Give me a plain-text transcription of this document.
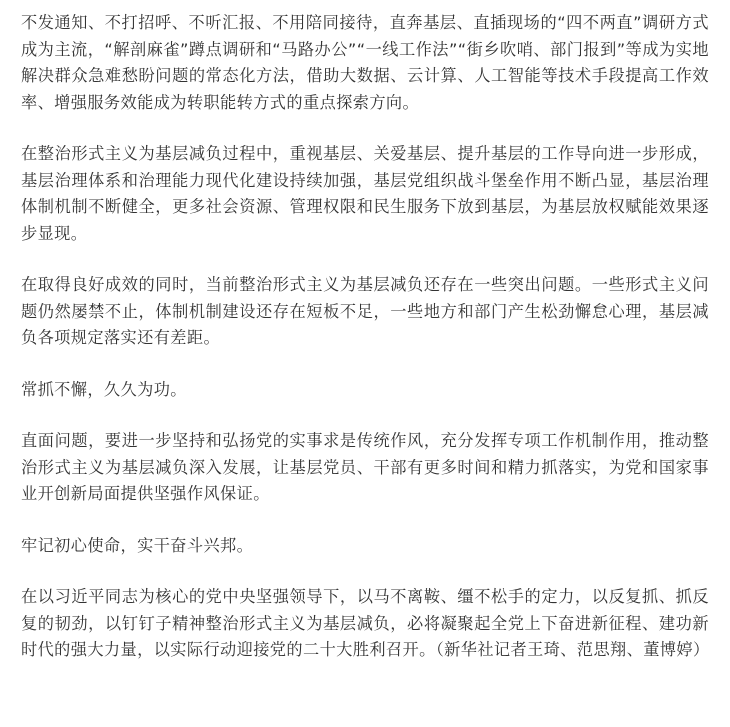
不发通知、不打招呼、不听汇报、不用陪同接待，直奔基层、直插现场的“四不两直”调研方式成为主流，“解剖麻雀”蹲点调研和“马路办公”“一线工作法”“街乡吹哨、部门报到”等成为实地解决群众急难愁盼问题的常态化方法，借助大数据、云计算、人工智能等技术手段提高工作效率、增强服务效能成为转职能转方式的重点探索方向。

在整治形式主义为基层减负过程中，重视基层、关爱基层、提升基层的工作导向进一步形成，基层治理体系和治理能力现代化建设持续加强，基层党组织战斗堡垒作用不断凸显，基层治理体制机制不断健全，更多社会资源、管理权限和民生服务下放到基层，为基层放权赋能效果逐步显现。

在取得良好成效的同时，当前整治形式主义为基层减负还存在一些突出问题。一些形式主义问题仍然屡禁不止，体制机制建设还存在短板不足，一些地方和部门产生松劲懈怠心理，基层减负各项规定落实还有差距。

常抓不懈，久久为功。

直面问题，要进一步坚持和弘扬党的实事求是传统作风，充分发挥专项工作机制作用，推动整治形式主义为基层减负深入发展，让基层党员、干部有更多时间和精力抓落实，为党和国家事业开创新局面提供坚强作风保证。

牢记初心使命，实干奋斗兴邦。

在以习近平同志为核心的党中央坚强领导下，以马不离鞍、缰不松手的定力，以反复抓、抓反复的韧劲，以钉钉子精神整治形式主义为基层减负，必将凝聚起全党上下奋进新征程、建功新时代的强大力量，以实际行动迎接党的二十大胜利召开。（新华社记者王琦、范思翔、董博婷）
